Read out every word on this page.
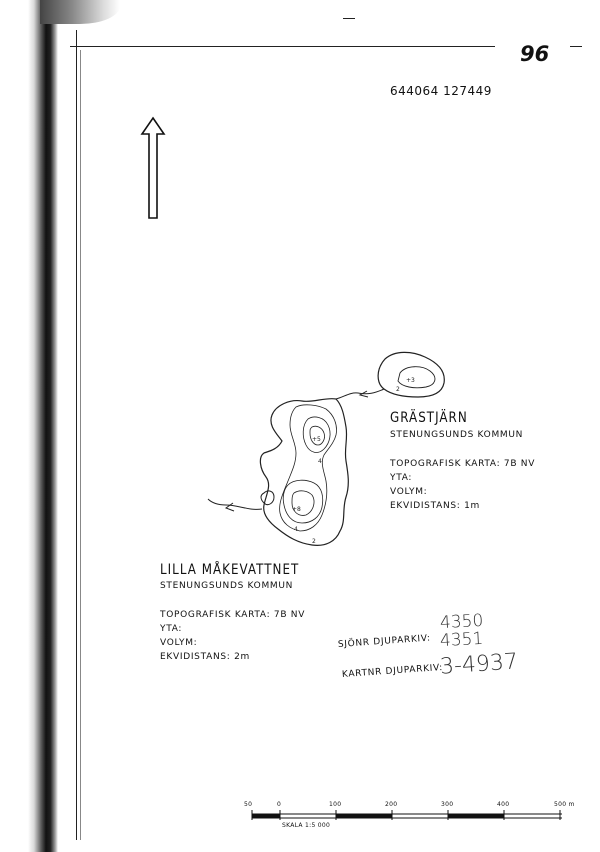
96
644064 127449
+3
2
+5
4
+8
4
2
GRÄSTJÄRN
STENUNGSUNDS KOMMUN
TOPOGRAFISK KARTA: 7B NV
YTA:
VOLYM:
EKVIDISTANS: 1m
LILLA MÅKEVATTNET
STENUNGSUNDS KOMMUN
TOPOGRAFISK KARTA: 7B NV
YTA:
VOLYM:
EKVIDISTANS: 2m
SJÖNR DJUPARKIV:
4350
4351
KARTNR DJUPARKIV:
3-4937
50	0	100	200	300	400	500 m
SKALA 1:5 000
